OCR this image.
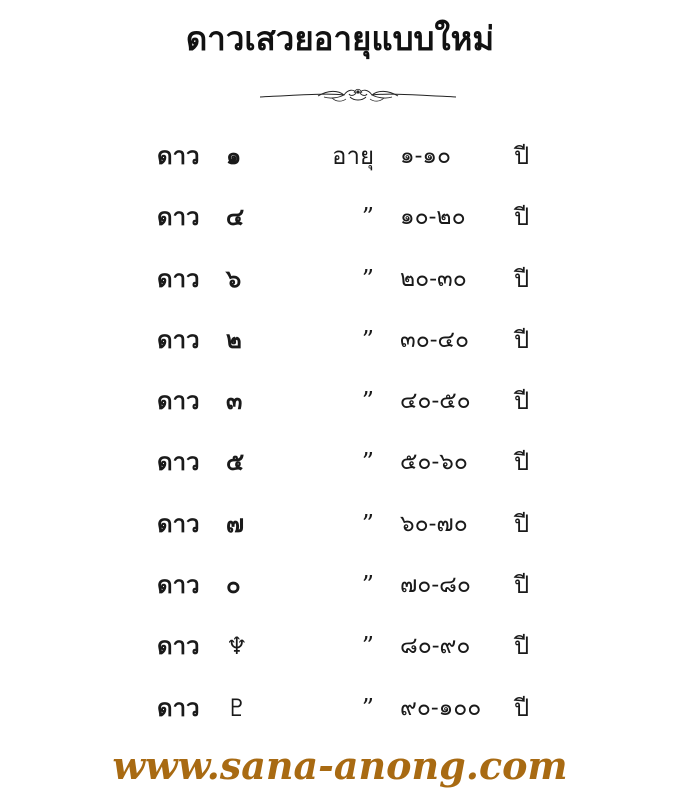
ดาวเสวยอายุแบบใหม่
ดาว ๑	อายุ ๑-๑๐	ปี
ดาว ๔	” ๑๐-๒๐ ปี
ดาว ๖	” ๒๐-๓๐ ปี
ดาว ๒	” ๓๐-๔๐ ปี
ดาว ๓	” ๔๐-๕๐ ปี
ดาว ๕	” ๕๐-๖๐ ปี
ดาว ๗	” ๖๐-๗๐ ปี
ดาว ๐	” ๗๐-๘๐ ปี
ดาว ♆	” ๘๐-๙๐ ปี
ดาว ♇	” ๙๐-๑๐๐ ปี
www.sana-anong.com
